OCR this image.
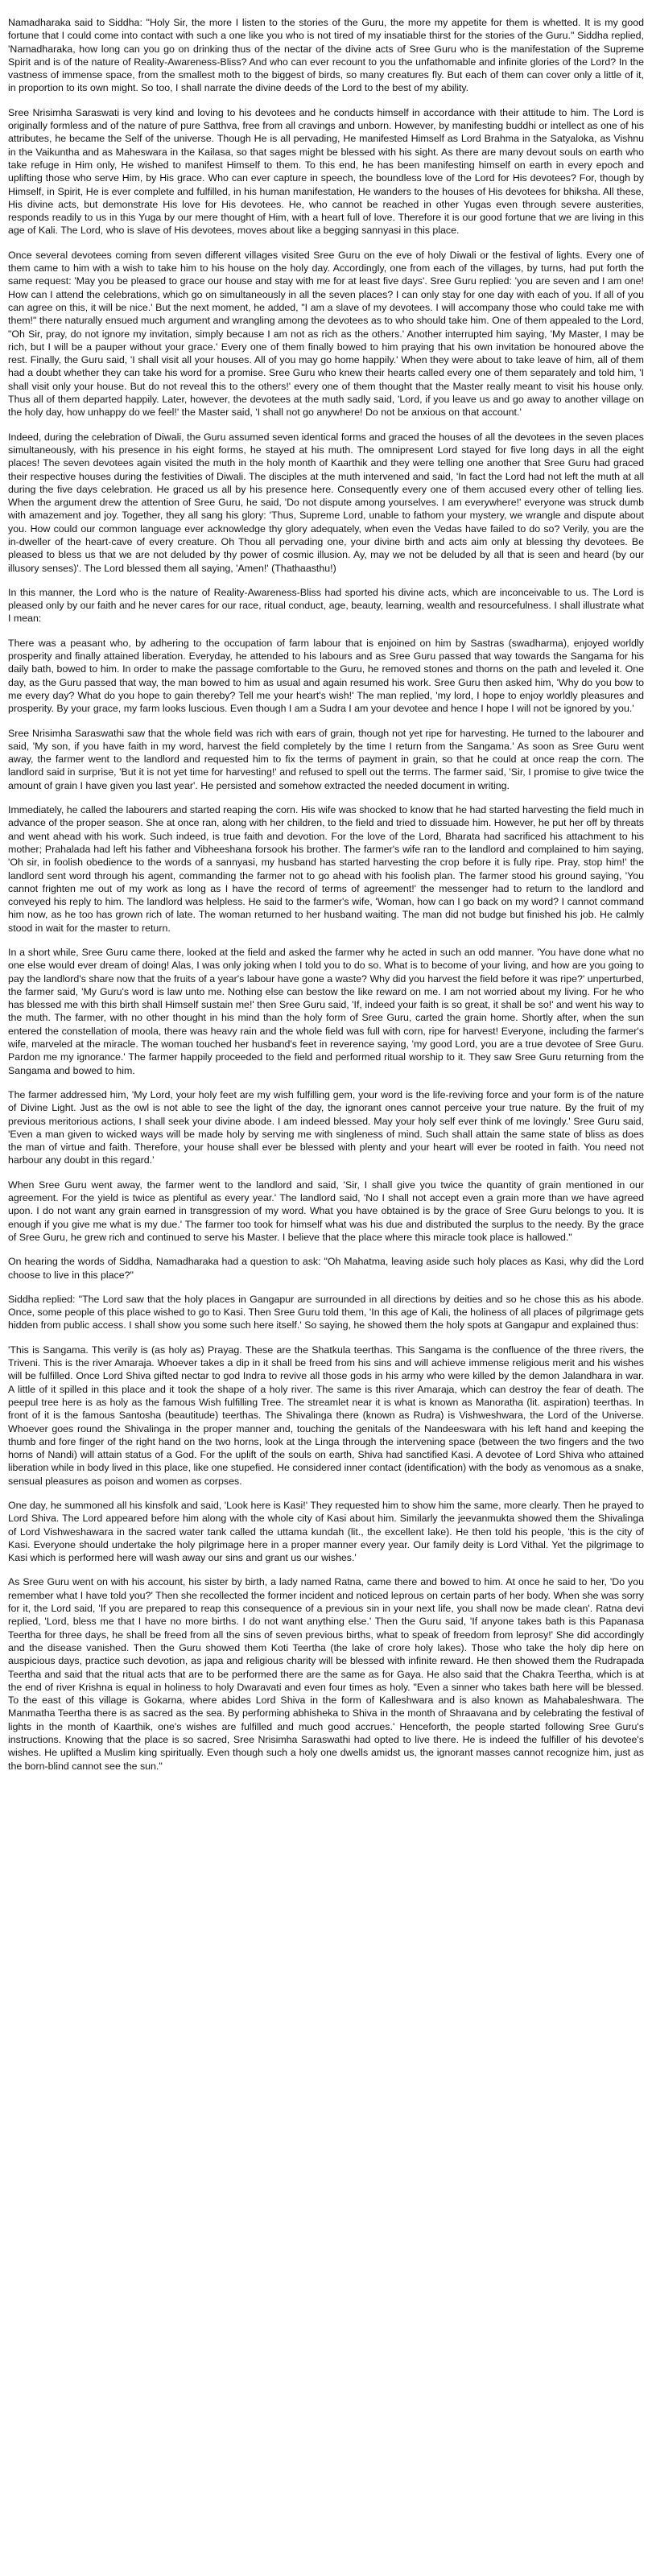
Namadharaka said to Siddha: "Holy Sir, the more I listen to the stories of the Guru, the more my appetite for them is whetted. It is my good fortune that I could come into contact with such a one like you who is not tired of my insatiable thirst for the stories of the Guru." Siddha replied, 'Namadharaka, how long can you go on drinking thus of the nectar of the divine acts of Sree Guru who is the manifestation of the Supreme Spirit and is of the nature of Reality-Awareness-Bliss? And who can ever recount to you the unfathomable and infinite glories of the Lord? In the vastness of immense space, from the smallest moth to the biggest of birds, so many creatures fly. But each of them can cover only a little of it, in proportion to its own might. So too, I shall narrate the divine deeds of the Lord to the best of my ability.

Sree Nrisimha Saraswati is very kind and loving to his devotees and he conducts himself in accordance with their attitude to him. The Lord is originally formless and of the nature of pure Satthva, free from all cravings and unborn. However, by manifesting buddhi or intellect as one of his attributes, he became the Self of the universe. Though He is all pervading, He manifested Himself as Lord Brahma in the Satyaloka, as Vishnu in the Vaikuntha and as Maheswara in the Kailasa, so that sages might be blessed with his sight. As there are many devout souls on earth who take refuge in Him only, He wished to manifest Himself to them. To this end, he has been manifesting himself on earth in every epoch and uplifting those who serve Him, by His grace. Who can ever capture in speech, the boundless love of the Lord for His devotees? For, though by Himself, in Spirit, He is ever complete and fulfilled, in his human manifestation, He wanders to the houses of His devotees for bhiksha. All these, His divine acts, but demonstrate His love for His devotees. He, who cannot be reached in other Yugas even through severe austerities, responds readily to us in this Yuga by our mere thought of Him, with a heart full of love. Therefore it is our good fortune that we are living in this age of Kali. The Lord, who is slave of His devotees, moves about like a begging sannyasi in this place.

Once several devotees coming from seven different villages visited Sree Guru on the eve of holy Diwali or the festival of lights. Every one of them came to him with a wish to take him to his house on the holy day. Accordingly, one from each of the villages, by turns, had put forth the same request: 'May you be pleased to grace our house and stay with me for at least five days'. Sree Guru replied: 'you are seven and I am one! How can I attend the celebrations, which go on simultaneously in all the seven places? I can only stay for one day with each of you. If all of you can agree on this, it will be nice.' But the next moment, he added, "I am a slave of my devotees. I will accompany those who could take me with them!" there naturally ensued much argument and wrangling among the devotees as to who should take him. One of them appealed to the Lord, "Oh Sir, pray, do not ignore my invitation, simply because I am not as rich as the others.' Another interrupted him saying, 'My Master, I may be rich, but I will be a pauper without your grace.' Every one of them finally bowed to him praying that his own invitation be honoured above the rest. Finally, the Guru said, 'I shall visit all your houses. All of you may go home happily.' When they were about to take leave of him, all of them had a doubt whether they can take his word for a promise. Sree Guru who knew their hearts called every one of them separately and told him, 'I shall visit only your house. But do not reveal this to the others!' every one of them thought that the Master really meant to visit his house only. Thus all of them departed happily. Later, however, the devotees at the muth sadly said, 'Lord, if you leave us and go away to another village on the holy day, how unhappy do we feel!' the Master said, 'I shall not go anywhere! Do not be anxious on that account.'

Indeed, during the celebration of Diwali, the Guru assumed seven identical forms and graced the houses of all the devotees in the seven places simultaneously, with his presence in his eight forms, he stayed at his muth. The omnipresent Lord stayed for five long days in all the eight places! The seven devotees again visited the muth in the holy month of Kaarthik and they were telling one another that Sree Guru had graced their respective houses during the festivities of Diwali. The disciples at the muth intervened and said, 'In fact the Lord had not left the muth at all during the five days celebration. He graced us all by his presence here. Consequently every one of them accused every other of telling lies. When the argument drew the attention of Sree Guru, he said, 'Do not dispute among yourselves. I am everywhere!' everyone was struck dumb with amazement and joy. Together, they all sang his glory: 'Thus, Supreme Lord, unable to fathom your mystery, we wrangle and dispute about you. How could our common language ever acknowledge thy glory adequately, when even the Vedas have failed to do so? Verily, you are the in-dweller of the heart-cave of every creature. Oh Thou all pervading one, your divine birth and acts aim only at blessing thy devotees. Be pleased to bless us that we are not deluded by thy power of cosmic illusion. Ay, may we not be deluded by all that is seen and heard (by our illusory senses)'. The Lord blessed them all saying, 'Amen!' (Thathaasthu!)

In this manner, the Lord who is the nature of Reality-Awareness-Bliss had sported his divine acts, which are inconceivable to us. The Lord is pleased only by our faith and he never cares for our race, ritual conduct, age, beauty, learning, wealth and resourcefulness. I shall illustrate what I mean:

There was a peasant who, by adhering to the occupation of farm labour that is enjoined on him by Sastras (swadharma), enjoyed worldly prosperity and finally attained liberation. Everyday, he attended to his labours and as Sree Guru passed that way towards the Sangama for his daily bath, bowed to him. In order to make the passage comfortable to the Guru, he removed stones and thorns on the path and leveled it. One day, as the Guru passed that way, the man bowed to him as usual and again resumed his work. Sree Guru then asked him, 'Why do you bow to me every day? What do you hope to gain thereby? Tell me your heart's wish!' The man replied, 'my lord, I hope to enjoy worldly pleasures and prosperity. By your grace, my farm looks luscious. Even though I am a Sudra I am your devotee and hence I hope I will not be ignored by you.'

Sree Nrisimha Saraswathi saw that the whole field was rich with ears of grain, though not yet ripe for harvesting. He turned to the labourer and said, 'My son, if you have faith in my word, harvest the field completely by the time I return from the Sangama.' As soon as Sree Guru went away, the farmer went to the landlord and requested him to fix the terms of payment in grain, so that he could at once reap the corn. The landlord said in surprise, 'But it is not yet time for harvesting!' and refused to spell out the terms. The farmer said, 'Sir, I promise to give twice the amount of grain I have given you last year'. He persisted and somehow extracted the needed document in writing.

Immediately, he called the labourers and started reaping the corn. His wife was shocked to know that he had started harvesting the field much in advance of the proper season. She at once ran, along with her children, to the field and tried to dissuade him. However, he put her off by threats and went ahead with his work. Such indeed, is true faith and devotion. For the love of the Lord, Bharata had sacrificed his attachment to his mother; Prahalada had left his father and Vibheeshana forsook his brother. The farmer's wife ran to the landlord and complained to him saying, 'Oh sir, in foolish obedience to the words of a sannyasi, my husband has started harvesting the crop before it is fully ripe. Pray, stop him!' the landlord sent word through his agent, commanding the farmer not to go ahead with his foolish plan. The farmer stood his ground saying, 'You cannot frighten me out of my work as long as I have the record of terms of agreement!' the messenger had to return to the landlord and conveyed his reply to him. The landlord was helpless. He said to the farmer's wife, 'Woman, how can I go back on my word? I cannot command him now, as he too has grown rich of late. The woman returned to her husband waiting. The man did not budge but finished his job. He calmly stood in wait for the master to return.

In a short while, Sree Guru came there, looked at the field and asked the farmer why he acted in such an odd manner. 'You have done what no one else would ever dream of doing! Alas, I was only joking when I told you to do so. What is to become of your living, and how are you going to pay the landlord's share now that the fruits of a year's labour have gone a waste? Why did you harvest the field before it was ripe?' unperturbed, the farmer said, 'My Guru's word is law unto me. Nothing else can bestow the like reward on me. I am not worried about my living. For he who has blessed me with this birth shall Himself sustain me!' then Sree Guru said, 'If, indeed your faith is so great, it shall be so!' and went his way to the muth. The farmer, with no other thought in his mind than the holy form of Sree Guru, carted the grain home. Shortly after, when the sun entered the constellation of moola, there was heavy rain and the whole field was full with corn, ripe for harvest! Everyone, including the farmer's wife, marveled at the miracle. The woman touched her husband's feet in reverence saying, 'my good Lord, you are a true devotee of Sree Guru. Pardon me my ignorance.' The farmer happily proceeded to the field and performed ritual worship to it. They saw Sree Guru returning from the Sangama and bowed to him.

The farmer addressed him, 'My Lord, your holy feet are my wish fulfilling gem, your word is the life-reviving force and your form is of the nature of Divine Light. Just as the owl is not able to see the light of the day, the ignorant ones cannot perceive your true nature. By the fruit of my previous meritorious actions, I shall seek your divine abode. I am indeed blessed. May your holy self ever think of me lovingly.' Sree Guru said, 'Even a man given to wicked ways will be made holy by serving me with singleness of mind. Such shall attain the same state of bliss as does the man of virtue and faith. Therefore, your house shall ever be blessed with plenty and your heart will ever be rooted in faith. You need not harbour any doubt in this regard.'

When Sree Guru went away, the farmer went to the landlord and said, 'Sir, I shall give you twice the quantity of grain mentioned in our agreement. For the yield is twice as plentiful as every year.' The landlord said, 'No I shall not accept even a grain more than we have agreed upon. I do not want any grain earned in transgression of my word. What you have obtained is by the grace of Sree Guru belongs to you. It is enough if you give me what is my due.' The farmer too took for himself what was his due and distributed the surplus to the needy. By the grace of Sree Guru, he grew rich and continued to serve his Master. I believe that the place where this miracle took place is hallowed."

On hearing the words of Siddha, Namadharaka had a question to ask: "Oh Mahatma, leaving aside such holy places as Kasi, why did the Lord choose to live in this place?"

Siddha replied: "The Lord saw that the holy places in Gangapur are surrounded in all directions by deities and so he chose this as his abode. Once, some people of this place wished to go to Kasi. Then Sree Guru told them, 'In this age of Kali, the holiness of all places of pilgrimage gets hidden from public access. I shall show you some such here itself.' So saying, he showed them the holy spots at Gangapur and explained thus:

'This is Sangama. This verily is (as holy as) Prayag. These are the Shatkula teerthas. This Sangama is the confluence of the three rivers, the Triveni. This is the river Amaraja. Whoever takes a dip in it shall be freed from his sins and will achieve immense religious merit and his wishes will be fulfilled. Once Lord Shiva gifted nectar to god Indra to revive all those gods in his army who were killed by the demon Jalandhara in war. A little of it spilled in this place and it took the shape of a holy river. The same is this river Amaraja, which can destroy the fear of death. The peepul tree here is as holy as the famous Wish fulfilling Tree. The streamlet near it is what is known as Manoratha (lit. aspiration) teerthas. In front of it is the famous Santosha (beautitude) teerthas. The Shivalinga there (known as Rudra) is Vishweshwara, the Lord of the Universe. Whoever goes round the Shivalinga in the proper manner and, touching the genitals of the Nandeeswara with his left hand and keeping the thumb and fore finger of the right hand on the two horns, look at the Linga through the intervening space (between the two fingers and the two horns of Nandi) will attain status of a God. For the uplift of the souls on earth, Shiva had sanctified Kasi. A devotee of Lord Shiva who attained liberation while in body lived in this place, like one stupefied. He considered inner contact (identification) with the body as venomous as a snake, sensual pleasures as poison and women as corpses.

One day, he summoned all his kinsfolk and said, 'Look here is Kasi!' They requested him to show him the same, more clearly. Then he prayed to Lord Shiva. The Lord appeared before him along with the whole city of Kasi about him. Similarly the jeevanmukta showed them the Shivalinga of Lord Vishweshawara in the sacred water tank called the uttama kundah (lit., the excellent lake). He then told his people, 'this is the city of Kasi. Everyone should undertake the holy pilgrimage here in a proper manner every year. Our family deity is Lord Vithal. Yet the pilgrimage to Kasi which is performed here will wash away our sins and grant us our wishes.'

As Sree Guru went on with his account, his sister by birth, a lady named Ratna, came there and bowed to him. At once he said to her, 'Do you remember what I have told you?' Then she recollected the former incident and noticed leprous on certain parts of her body. When she was sorry for it, the Lord said, 'If you are prepared to reap this consequence of a previous sin in your next life, you shall now be made clean'. Ratna devi replied, 'Lord, bless me that I have no more births. I do not want anything else.' Then the Guru said, 'If anyone takes bath is this Papanasa Teertha for three days, he shall be freed from all the sins of seven previous births, what to speak of freedom from leprosy!' She did accordingly and the disease vanished. Then the Guru showed them Koti Teertha (the lake of crore holy lakes). Those who take the holy dip here on auspicious days, practice such devotion, as japa and religious charity will be blessed with infinite reward. He then showed them the Rudrapada Teertha and said that the ritual acts that are to be performed there are the same as for Gaya. He also said that the Chakra Teertha, which is at the end of river Krishna is equal in holiness to holy Dwaravati and even four times as holy. "Even a sinner who takes bath here will be blessed. To the east of this village is Gokarna, where abides Lord Shiva in the form of Kalleshwara and is also known as Mahabaleshwara. The Manmatha Teertha there is as sacred as the sea. By performing abhisheka to Shiva in the month of Shraavana and by celebrating the festival of lights in the month of Kaarthik, one's wishes are fulfilled and much good accrues.' Henceforth, the people started following Sree Guru's instructions. Knowing that the place is so sacred, Sree Nrisimha Saraswathi had opted to live there. He is indeed the fulfiller of his devotee's wishes. He uplifted a Muslim king spiritually. Even though such a holy one dwells amidst us, the ignorant masses cannot recognize him, just as the born-blind cannot see the sun."
